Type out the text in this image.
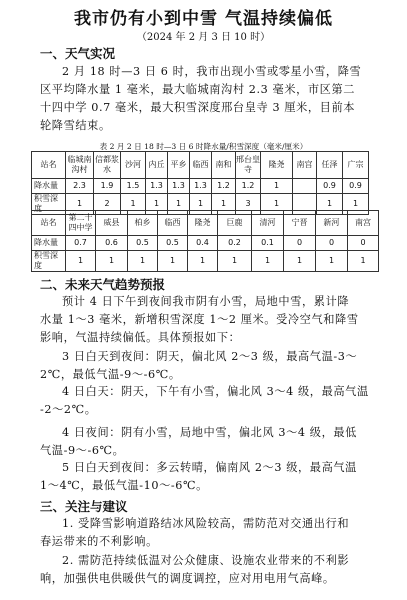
我市仍有小到中雪 气温持续偏低
（2024 年 2 月 3 日 10 时）
一、天气实况
2 月 18 时—3 日 6 时，我市出现小雪或零星小雪，降雪
区平均降水量 1 毫米，最大临城南沟村 2.3 毫米，市区第二
十四中学 0.7 毫米，最大积雪深度邢台皇寺 3 厘米，目前本
轮降雪结束。
表 2 月 2 日 18 时—3 日 6 时降水量/积雪深度（毫米/厘米）
站名	临城南沟村	信都浆水	沙河	内丘	平乡	临西	南和	邢台皇寺	隆尧	南宫	任泽	广宗
降水量	2.3	1.9	1.5	1.3	1.3	1.3	1.2	1.2	1		0.9	0.9
积雪深度	1	2	1	1	1	1	1	3	1		1	1
站名	第二十四中学	威县	柏乡	临西	隆尧	巨鹿	清河	宁晋	新河	南宫
降水量	0.7	0.6	0.5	0.5	0.4	0.2	0.1	0	0	0
积雪深度	1	1	1	1	1	1	1	1	1	1
二、未来天气趋势预报
预计 4 日下午到夜间我市阴有小雪，局地中雪，累计降
水量 1～3 毫米，新增积雪深度 1～2 厘米。受冷空气和降雪
影响，气温持续偏低。具体预报如下：
3 日白天到夜间：阴天，偏北风 2～3 级，最高气温-3～
2℃，最低气温-9～-6℃。
4 日白天：阴天，下午有小雪，偏北风 3～4 级，最高气温
-2～2℃。
4 日夜间：阴有小雪，局地中雪，偏北风 3～4 级，最低
气温-9～-6℃。
5 日白天到夜间：多云转晴，偏南风 2～3 级，最高气温
1～4℃，最低气温-10～-6℃。
三、关注与建议
1. 受降雪影响道路结冰风险较高，需防范对交通出行和
春运带来的不利影响。
2. 需防范持续低温对公众健康、设施农业带来的不利影
响，加强供电供暖供气的调度调控，应对用电用气高峰。
